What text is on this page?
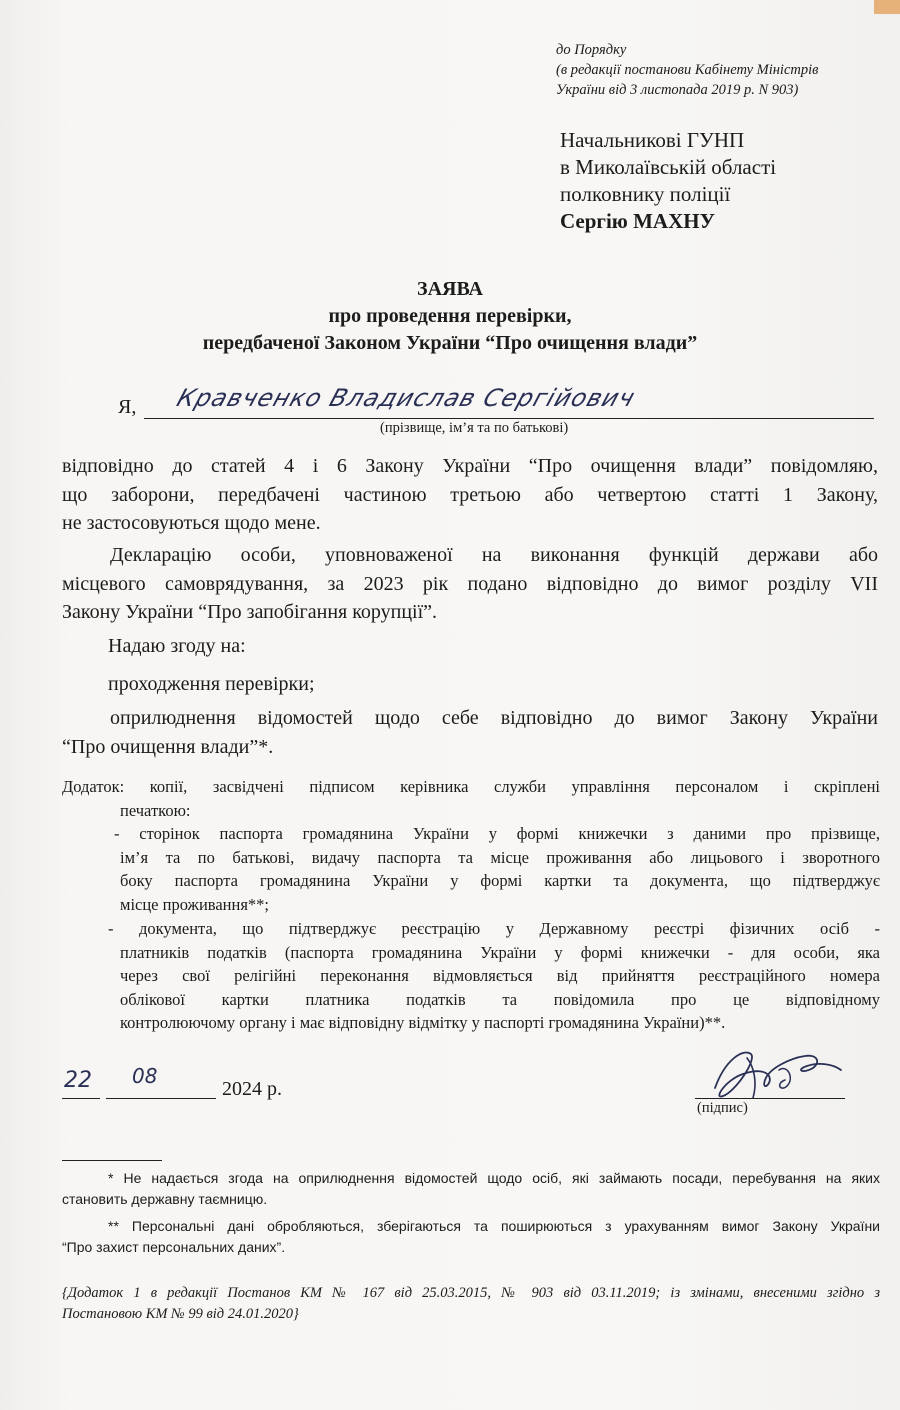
до Порядку
(в редакції постанови Кабінету Міністрів
України від 3 листопада 2019 р. N 903)
Начальникові ГУНП
в Миколаївській області
полковнику поліції
Сергію МАХНУ
ЗАЯВА
про проведення перевірки,
передбаченої Законом України “Про очищення влади”
Я, Кравченко Владислав Сергійович
(прізвище, ім’я та по батькові)
відповідно до статей 4 і 6 Закону України “Про очищення влади” повідомляю,
що заборони, передбачені частиною третьою або четвертою статті 1 Закону,
не застосовуються щодо мене.
Декларацію особи, уповноваженої на виконання функцій держави або
місцевого самоврядування, за 2023 рік подано відповідно до вимог розділу VII
Закону України “Про запобігання корупції”.
Надаю згоду на:
проходження перевірки;
оприлюднення відомостей щодо себе відповідно до вимог Закону України
“Про очищення влади”*.
Додаток: копії, засвідчені підписом керівника служби управління персоналом і скріплені
печаткою:
- сторінок паспорта громадянина України у формі книжечки з даними про прізвище,
ім’я та по батькові, видачу паспорта та місце проживання або лицьового і зворотного
боку паспорта громадянина України у формі картки та документа, що підтверджує
місце проживання**;
- документа, що підтверджує реєстрацію у Державному реєстрі фізичних осіб -
платників податків (паспорта громадянина України у формі книжечки - для особи, яка
через свої релігійні переконання відмовляється від прийняття реєстраційного номера
облікової картки платника податків та повідомила про це відповідному
контролюючому органу і має відповідну відмітку у паспорті громадянина України)**.
22 08
2024 р.
(підпис)
* Не надається згода на оприлюднення відомостей щодо осіб, які займають посади, перебування на яких
становить державну таємницю.
** Персональні дані обробляються, зберігаються та поширюються з урахуванням вимог Закону України
“Про захист персональних даних”.
{Додаток 1 в редакції Постанов КМ № 167 від 25.03.2015, № 903 від 03.11.2019; із змінами, внесеними згідно з
Постановою КМ № 99 від 24.01.2020}
